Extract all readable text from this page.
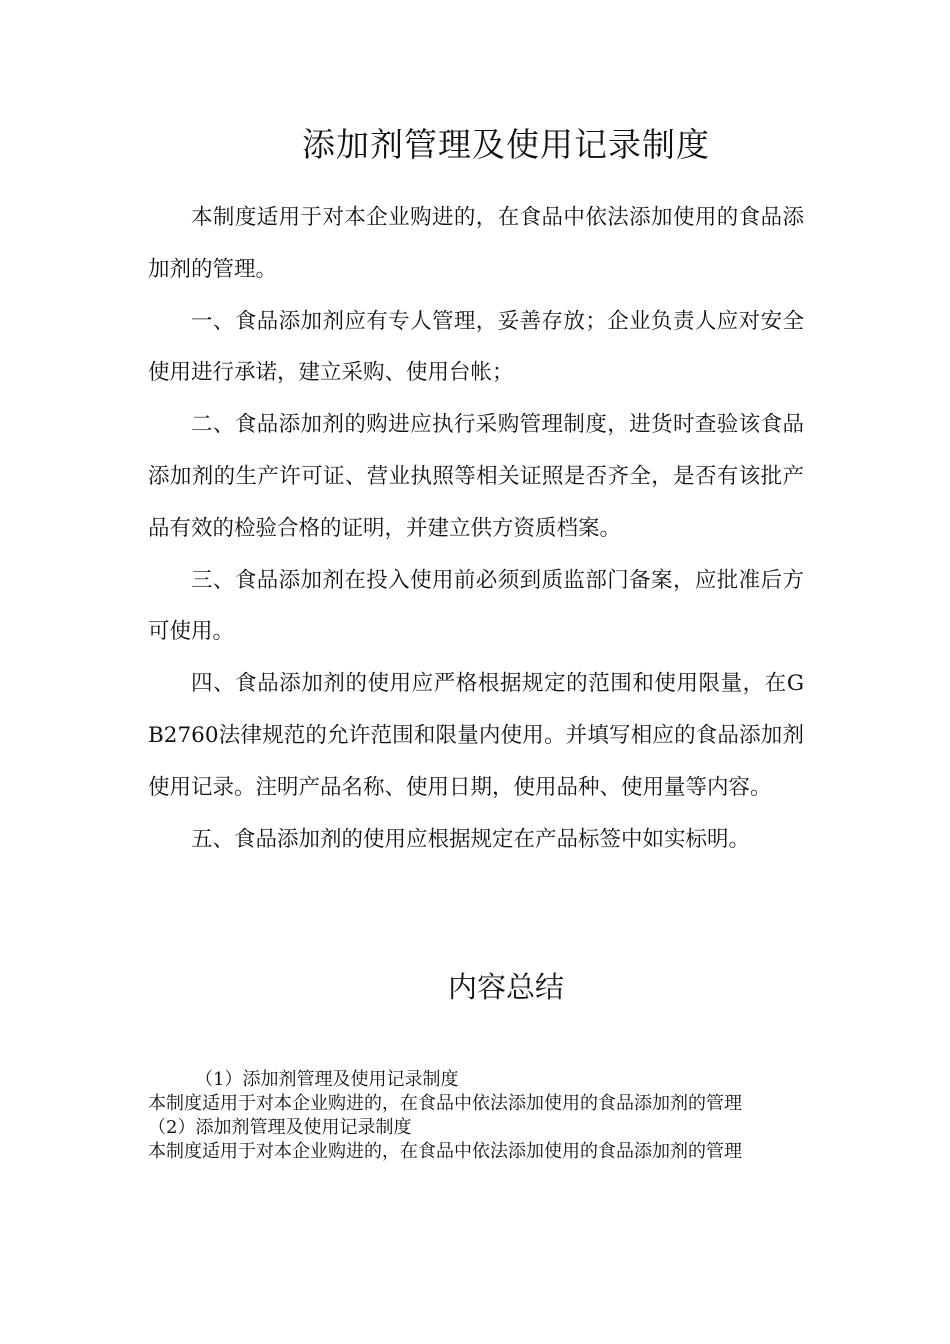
添加剂管理及使用记录制度

本制度适用于对本企业购进的，在食品中依法添加使用的食品添加剂的管理。

一、食品添加剂应有专人管理，妥善存放；企业负责人应对安全使用进行承诺，建立采购、使用台帐；

二、食品添加剂的购进应执行采购管理制度，进货时查验该食品添加剂的生产许可证、营业执照等相关证照是否齐全，是否有该批产品有效的检验合格的证明，并建立供方资质档案。

三、食品添加剂在投入使用前必须到质监部门备案，应批准后方可使用。

四、食品添加剂的使用应严格根据规定的范围和使用限量，在GB2760法律规范的允许范围和限量内使用。并填写相应的食品添加剂使用记录。注明产品名称、使用日期，使用品种、使用量等内容。

五、食品添加剂的使用应根据规定在产品标签中如实标明。

内容总结

（1）添加剂管理及使用记录制度

本制度适用于对本企业购进的，在食品中依法添加使用的食品添加剂的管理

（2）添加剂管理及使用记录制度

本制度适用于对本企业购进的，在食品中依法添加使用的食品添加剂的管理
